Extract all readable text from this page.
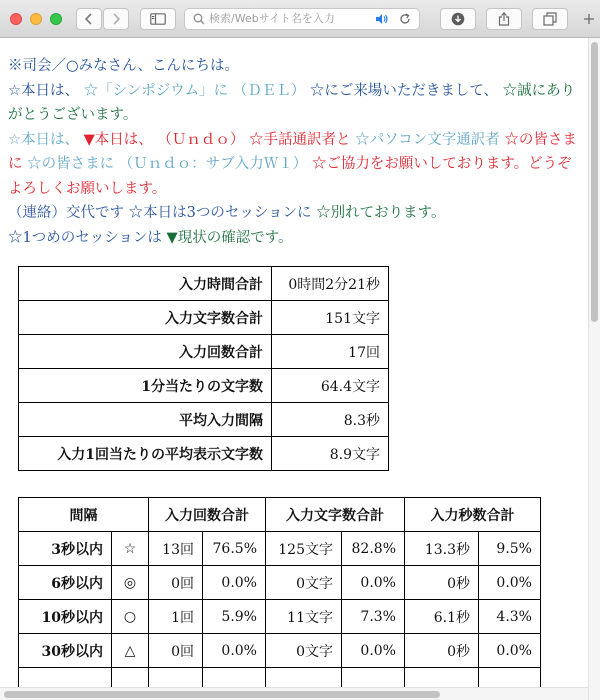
検索/Webサイト名を入力
※司会／○みなさん、こんにちは。
☆本日は、 ☆「シンポジウム」に （ＤＥＬ） ☆にご来場いただきまして、 ☆誠にありがとうございます。
☆本日は、 ▼本日は、 （Ｕｎｄｏ） ☆手話通訳者と ☆パソコン文字通訳者 ☆の皆さまに ☆の皆さまに （Ｕｎｄｏ：サブ入力Ｗ１） ☆ご協力をお願いしております。どうぞよろしくお願いします。
（連絡）交代です ☆本日は3つのセッションに ☆別れております。
☆1つめのセッションは ▼現状の確認です。
入力時間合計	0時間2分21秒
入力文字数合計	151文字
入力回数合計	17回
1分当たりの文字数	64.4文字
平均入力間隔	8.3秒
入力1回当たりの平均表示文字数	8.9文字
間隔		入力回数合計		入力文字数合計		入力秒数合計	
3秒以内	☆	13回	76.5%	125文字	82.8%	13.3秒	9.5%
6秒以内	◎	0回	0.0%	0文字	0.0%	0秒	0.0%
10秒以内	○	1回	5.9%	11文字	7.3%	6.1秒	4.3%
30秒以内	△	0回	0.0%	0文字	0.0%	0秒	0.0%
